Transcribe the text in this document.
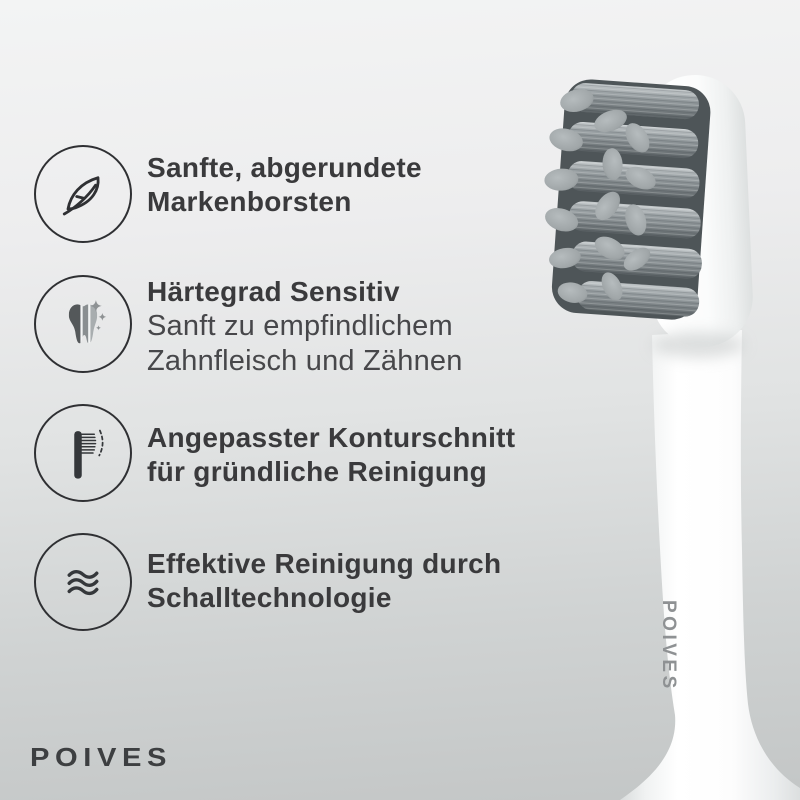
POIVES
Sanfte, abgerundete
Markenborsten
Härtegrad Sensitiv
Sanft zu empfindlichem
Zahnfleisch und Zähnen
Angepasster Konturschnitt
für gründliche Reinigung
Effektive Reinigung durch
Schalltechnologie
POIVES
